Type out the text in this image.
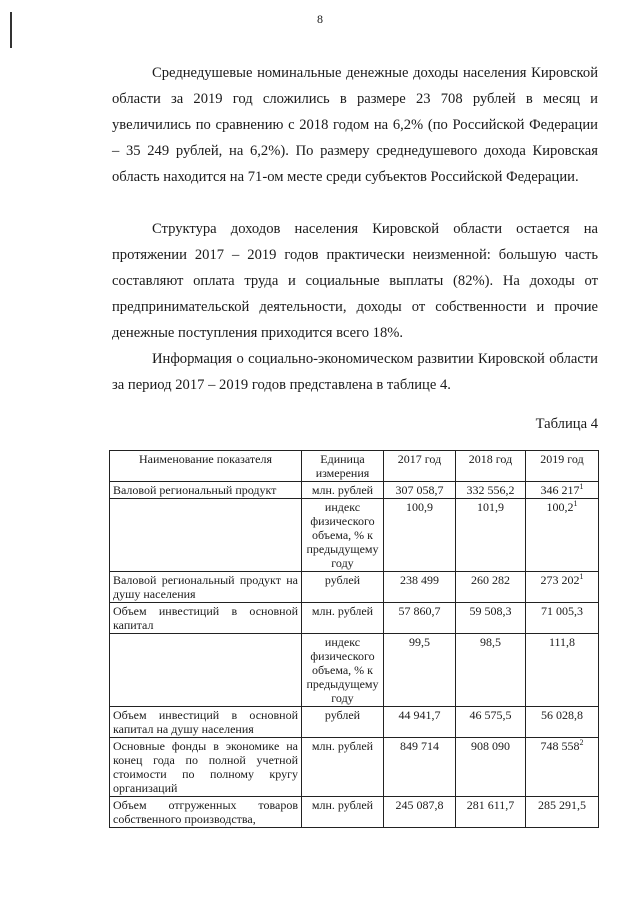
8

Среднедушевые номинальные денежные доходы населения Кировской области за 2019 год сложились в размере 23 708 рублей в месяц и увеличились по сравнению с 2018 годом на 6,2% (по Российской Федерации – 35 249 рублей, на 6,2%). По размеру среднедушевого дохода Кировская область находится на 71-ом месте среди субъектов Российской Федерации.

Структура доходов населения Кировской области остается на протяжении 2017 – 2019 годов практически неизменной: большую часть составляют оплата труда и социальные выплаты (82%). На доходы от предпринимательской деятельности, доходы от собственности и прочие денежные поступления приходится всего 18%.

Информация о социально-экономическом развитии Кировской области за период 2017 – 2019 годов представлена в таблице 4.

Таблица 4
Наименование показателя	Единица измерения	2017 год	2018 год	2019 год
Валовой региональный продукт	млн. рублей	307 058,7	332 556,2	346 $217^1$
	индекс физического объема, % к предыдущему году	100,9	101,9	100,2$^1$
Валовой региональный продукт на душу населения	рублей	238 499	260 282	273 $202^1$
Объем инвестиций в основной капитал	млн. рублей	57 860,7	59 508,3	71 005,3
	индекс физического объема, % к предыдущему году	99,5	98,5	111,8
Объем инвестиций в основной капитал на душу населения	рублей	44 941,7	46 575,5	56 028,8
Основные фонды в экономике на конец года по полной учетной стоимости по полному кругу организаций	млн. рублей	849 714	908 090	748 $558^2$
Объем отгруженных товаров собственного производства,	млн. рублей	245 087,8	281 611,7	285 291,5
